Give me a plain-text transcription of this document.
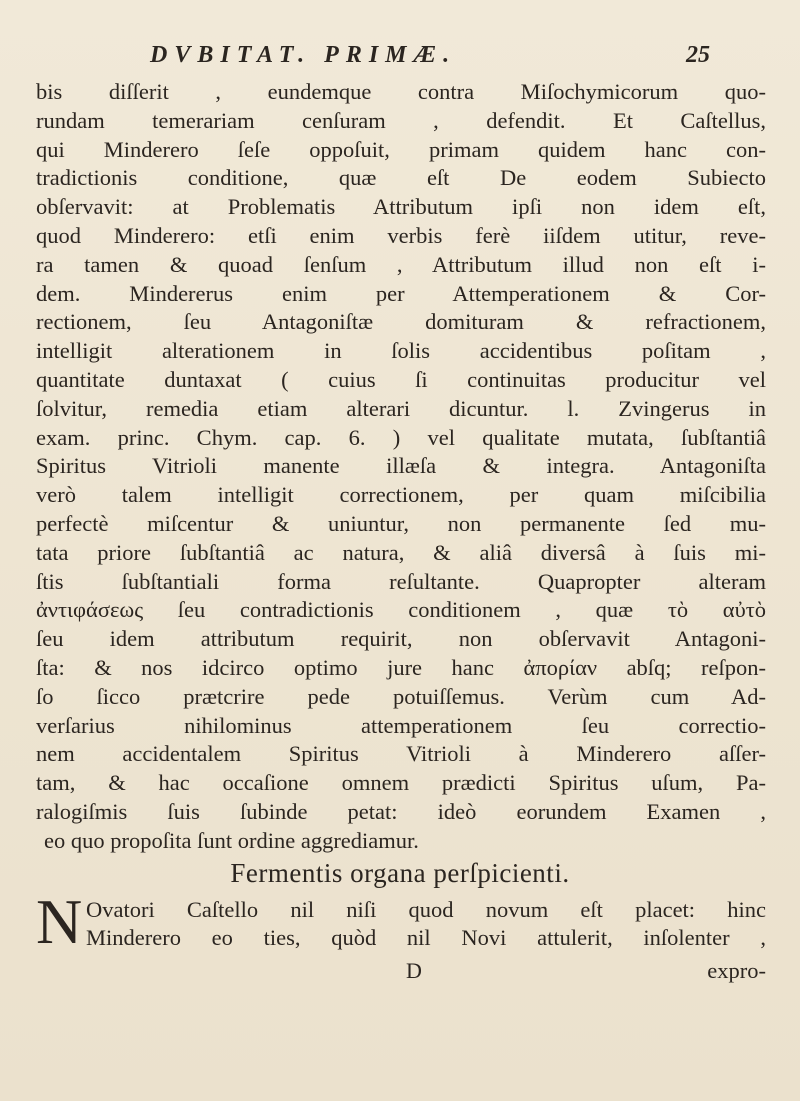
DVBITAT. PRIMÆ.	25
bis diſſerit , eundemque contra Miſochymicorum quo-
rundam temerariam cenſuram , defendit. Et Caſtellus,
qui Minderero ſeſe oppoſuit, primam quidem hanc con-
tradictionis conditione, quæ eſt De eodem Subiecto
obſervavit: at Problematis Attributum ipſi non idem eſt,
quod Minderero: etſi enim verbis ferè iiſdem utitur, reve-
ra tamen & quoad ſenſum , Attributum illud non eſt i-
dem. Mindererus enim per Attemperationem & Cor-
rectionem, ſeu Antagoniſtæ domituram & refractionem,
intelligit alterationem in ſolis accidentibus poſitam ,
quantitate duntaxat ( cuius ſi continuitas producitur vel
ſolvitur, remedia etiam alterari dicuntur. l. Zvingerus in
exam. princ. Chym. cap. 6. ) vel qualitate mutata, ſubſtantiâ
Spiritus Vitrioli manente illæſa & integra. Antagoniſta
verò talem intelligit correctionem, per quam miſcibilia
perfectè miſcentur & uniuntur, non permanente ſed mu-
tata priore ſubſtantiâ ac natura, & aliâ diversâ à ſuis mi-
ſtis ſubſtantiali forma reſultante. Quapropter alteram
ἀντιφάσεως ſeu contradictionis conditionem , quæ τὸ αὐτὸ
ſeu idem attributum requirit, non obſervavit Antagoni-
ſta: & nos idcirco optimo jure hanc ἀπορίαν abſq; reſpon-
ſo ſicco prætcrire pede potuiſſemus. Verùm cum Ad-
verſarius nihilominus attemperationem ſeu correctio-
nem accidentalem Spiritus Vitrioli à Minderero aſſer-
tam, & hac occaſione omnem prædicti Spiritus uſum, Pa-
ralogiſmis ſuis ſubinde petat: ideò eorundem Examen ,
eo quo propoſita ſunt ordine aggrediamur.
Fermentis organa perſpicienti.
N Ovatori Caſtello nil niſi quod novum eſt placet: hinc
Minderero eo ties, quòd nil Novi attulerit, inſolenter ,
D	expro-
